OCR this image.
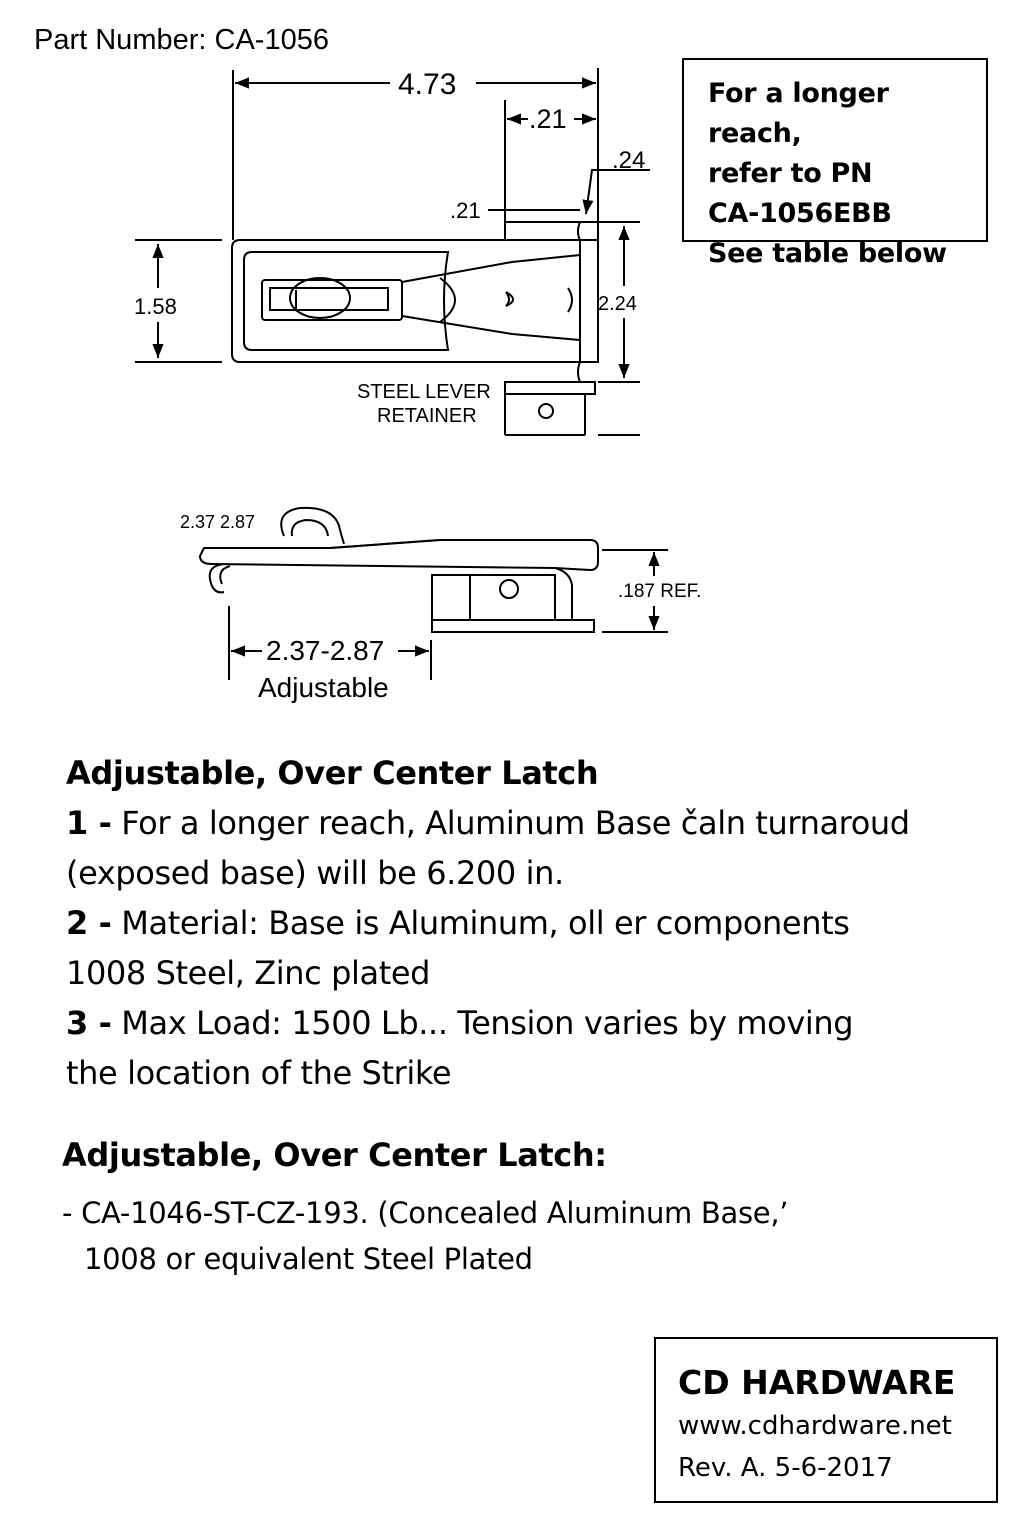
Part Number: CA-1056
For a longer reach,
refer to PN
CA-1056EBB
See table below
4.73
.21
.24
.21
1.58	2.24
STEEL LEVER
RETAINER
2.37 2.87
.187 REF.
2.37-2.87
Adjustable
Adjustable, Over Center Latch
1 - For a longer reach, Aluminum Base čaln turnaroud
(exposed base) will be 6.200 in.
2 - Material: Base is Aluminum, oll er components
1008 Steel, Zinc plated
3 - Max Load: 1500 Lb... Tension varies by moving
the location of the Strike
Adjustable, Over Center Latch:
- CA-1046-ST-CZ-193. (Concealed Aluminum Base,’
1008 or equivalent Steel Plated
CD HARDWARE
www.cdhardware.net
Rev. A. 5-6-2017
